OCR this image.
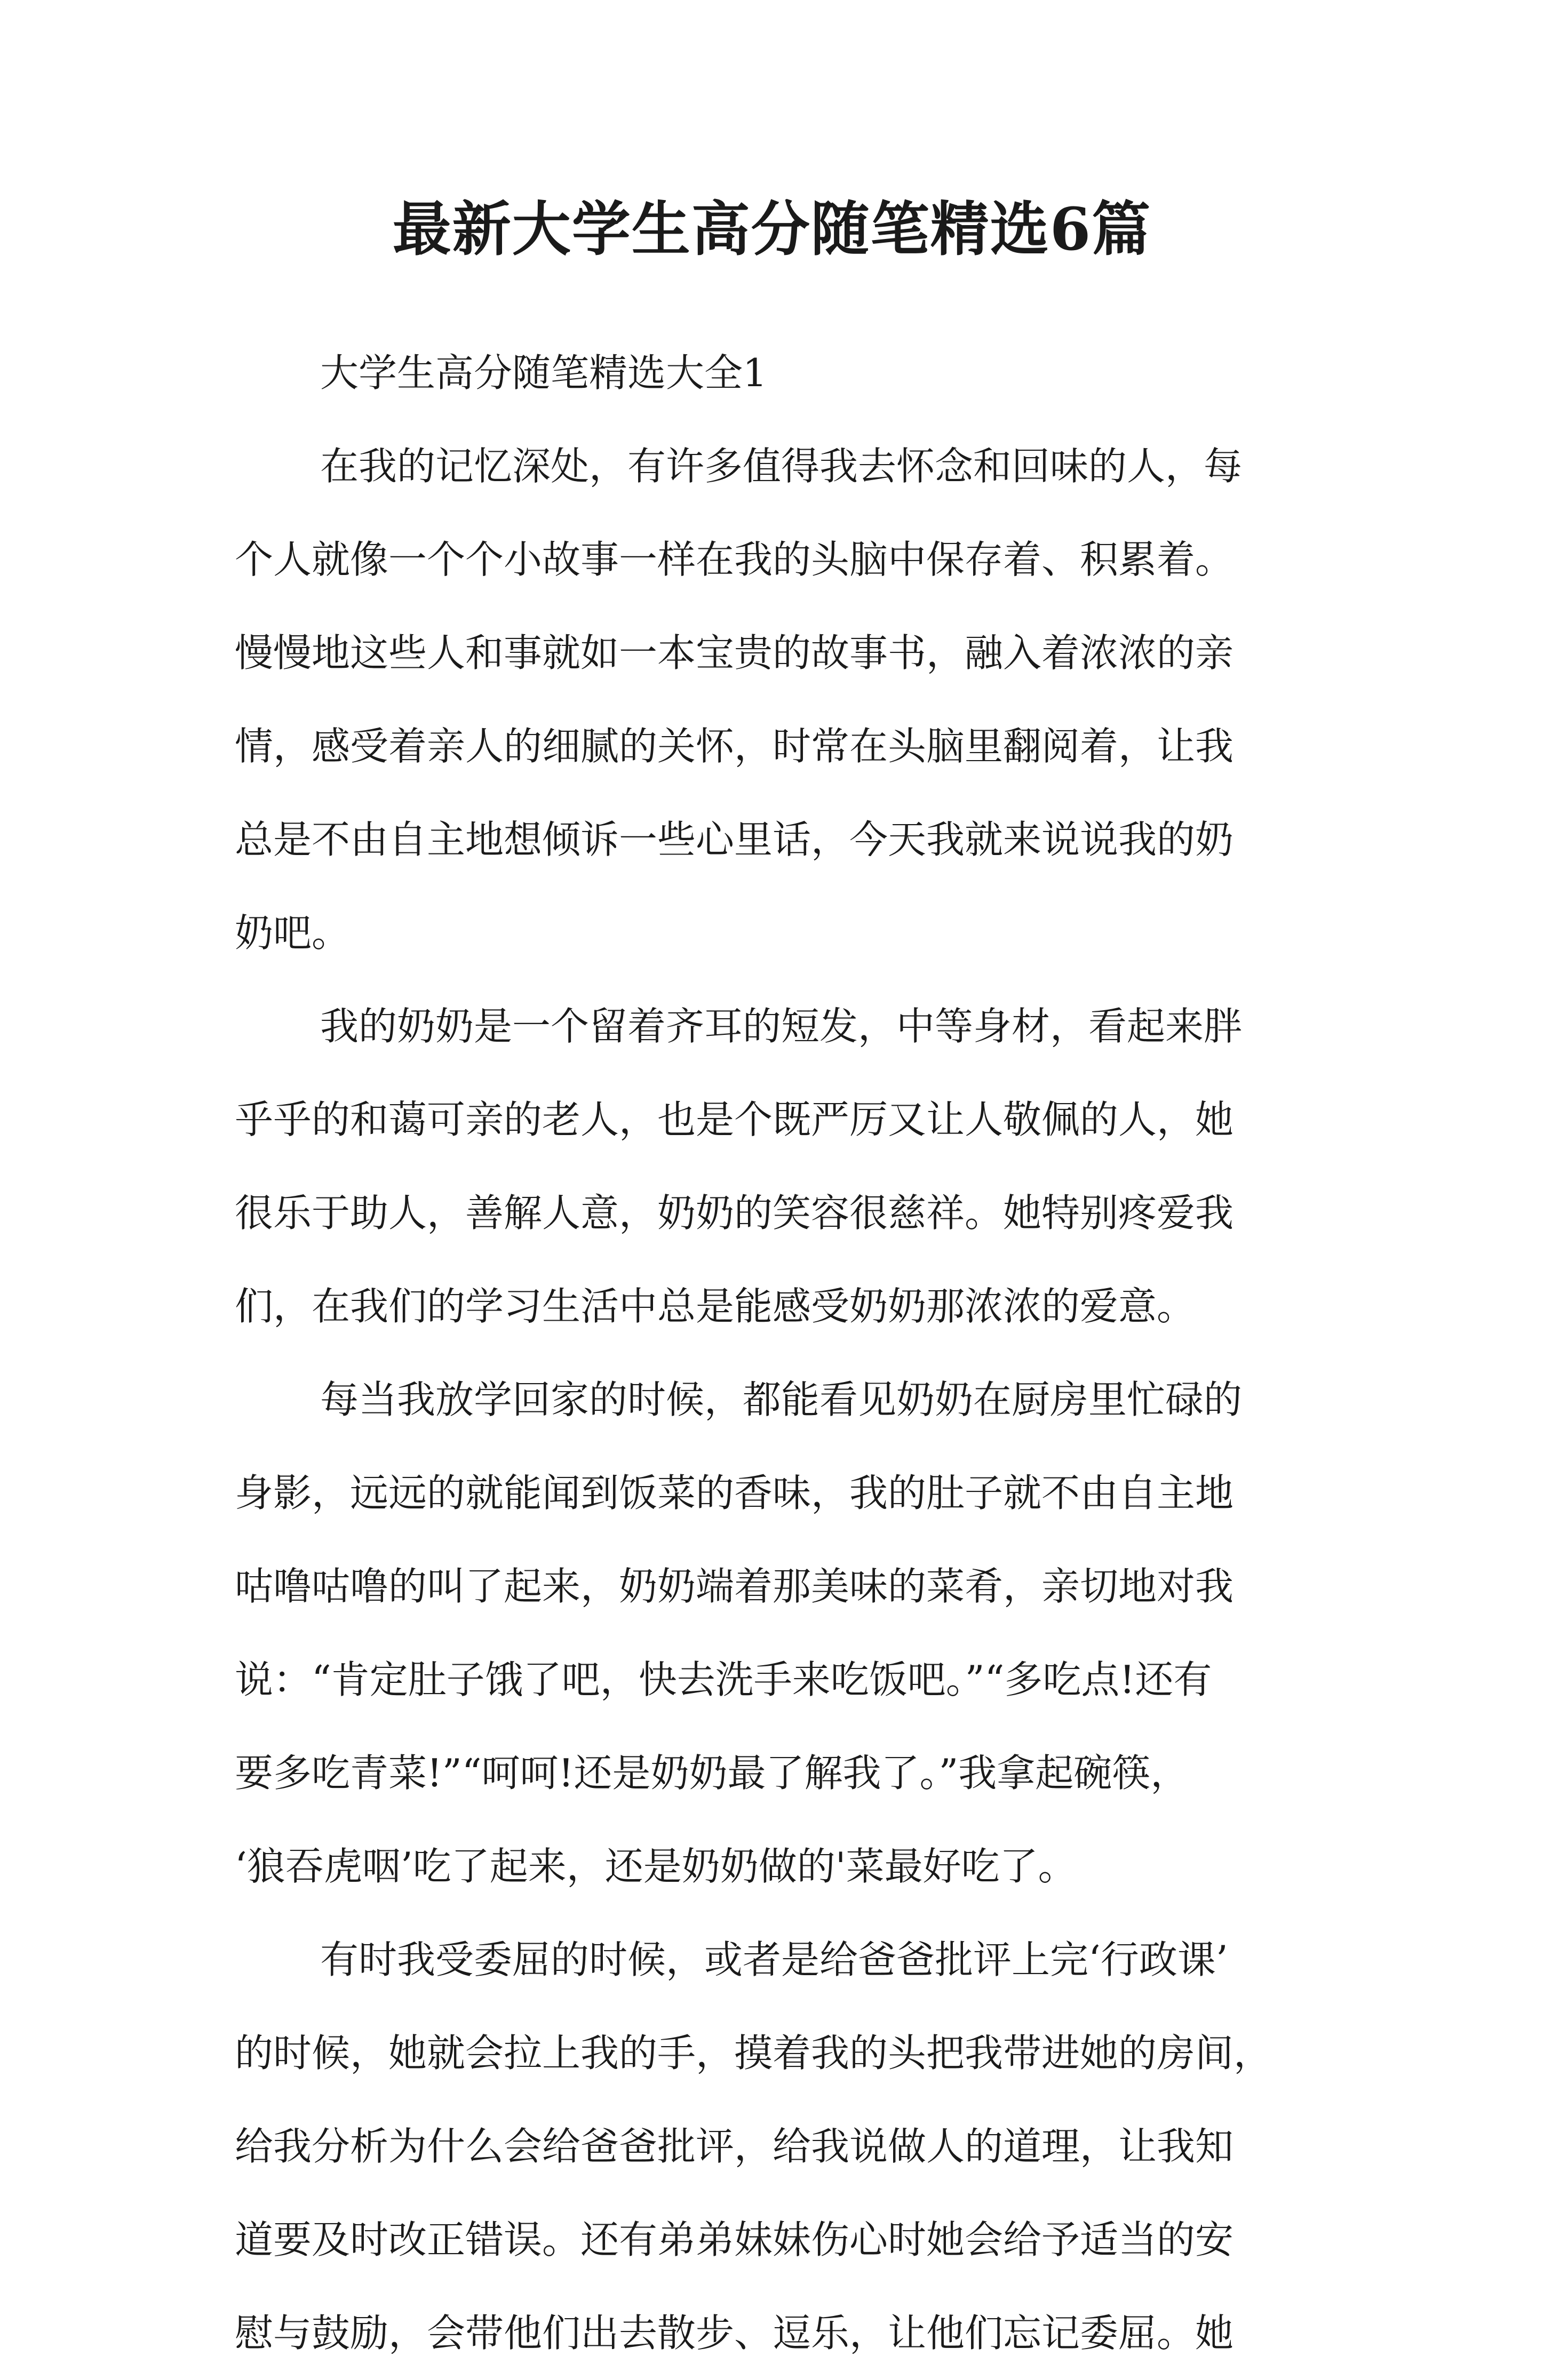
最新大学生高分随笔精选6篇
大学生高分随笔精选大全1
在我的记忆深处，有许多值得我去怀念和回味的人，每
个人就像一个个小故事一样在我的头脑中保存着、积累着。
慢慢地这些人和事就如一本宝贵的故事书，融入着浓浓的亲
情，感受着亲人的细腻的关怀，时常在头脑里翻阅着，让我
总是不由自主地想倾诉一些心里话，今天我就来说说我的奶
奶吧。
我的奶奶是一个留着齐耳的短发，中等身材，看起来胖
乎乎的和蔼可亲的老人，也是个既严厉又让人敬佩的人，她
很乐于助人，善解人意，奶奶的笑容很慈祥。她特别疼爱我
们，在我们的学习生活中总是能感受奶奶那浓浓的爱意。
每当我放学回家的时候，都能看见奶奶在厨房里忙碌的
身影，远远的就能闻到饭菜的香味，我的肚子就不由自主地
咕噜咕噜的叫了起来，奶奶端着那美味的菜肴，亲切地对我
说：“肯定肚子饿了吧，快去洗手来吃饭吧。”“多吃点!还有
要多吃青菜!”“呵呵!还是奶奶最了解我了。”我拿起碗筷，
‘狼吞虎咽’吃了起来，还是奶奶做的'菜最好吃了。
有时我受委屈的时候，或者是给爸爸批评上完‘行政课’
的时候，她就会拉上我的手，摸着我的头把我带进她的房间，
给我分析为什么会给爸爸批评，给我说做人的道理，让我知
道要及时改正错误。还有弟弟妹妹伤心时她会给予适当的安
慰与鼓励，会带他们出去散步、逗乐，让他们忘记委屈。她
